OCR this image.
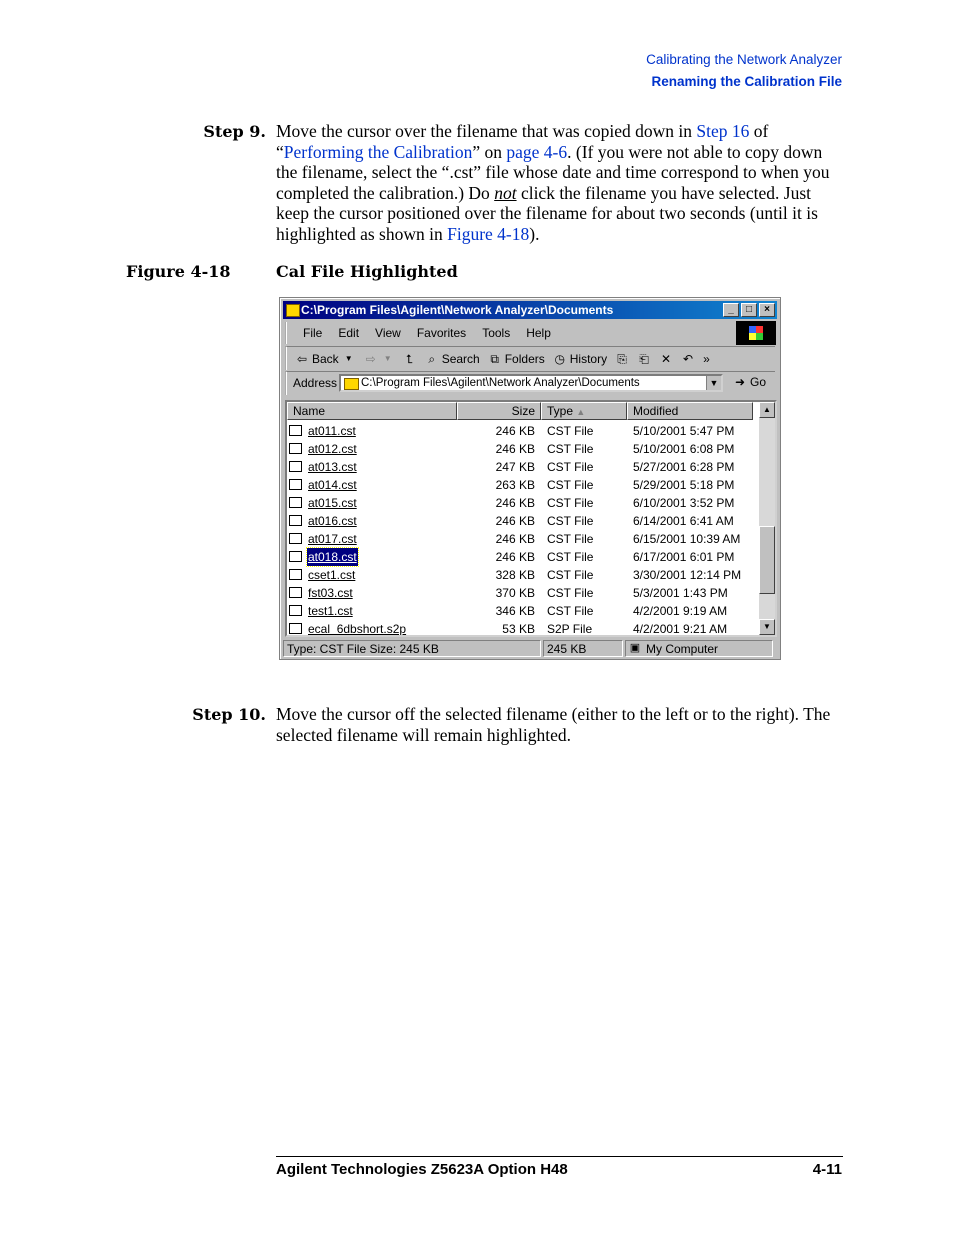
Calibrating the Network Analyzer
Renaming the Calibration File
Step 9. Move the cursor over the filename that was copied down in Step 16 of “Performing the Calibration” on page 4-6. (If you were not able to copy down the filename, select the “.cst” file whose date and time correspond to when you completed the calibration.) Do not click the filename you have selected. Just keep the cursor positioned over the filename for about two seconds (until it is highlighted as shown in Figure 4-18).
Figure 4-18	Cal File Highlighted
C:\Program Files\Agilent\Network Analyzer\Documents	_	□	×
File	Edit	View	Favorites	Tools	Help
⇦ Back ▼ ⇨	▼ ⮤	⌕ Search ⧉ Folders ◷ History ⎘ ⎗ ✕ ↶ »
Address	C:\Program Files\Agilent\Network Analyzer\Documents	▼ ➜ Go
Name	Size	Type ▲	Modified
at011.cst	246 KB CST File	5/10/2001 5:47 PM
at012.cst	246 KB CST File	5/10/2001 6:08 PM
at013.cst	247 KB CST File	5/27/2001 6:28 PM
at014.cst	263 KB CST File	5/29/2001 5:18 PM
at015.cst	246 KB CST File	6/10/2001 3:52 PM
at016.cst	246 KB CST File	6/14/2001 6:41 AM
at017.cst	246 KB CST File	6/15/2001 10:39 AM
at018.cst	246 KB CST File	6/17/2001 6:01 PM
cset1.cst	328 KB CST File	3/30/2001 12:14 PM
fst03.cst	370 KB CST File	5/3/2001 1:43 PM
test1.cst	346 KB CST File	4/2/2001 9:19 AM
ecal_6dbshort.s2p	53 KB S2P File	4/2/2001 9:21 AM
▲
▼
Type: CST File Size: 245 KB	245 KB	▣ My Computer
Step 10. Move the cursor off the selected filename (either to the left or to the right). The selected filename will remain highlighted.
Agilent Technologies Z5623A Option H48	4-11
